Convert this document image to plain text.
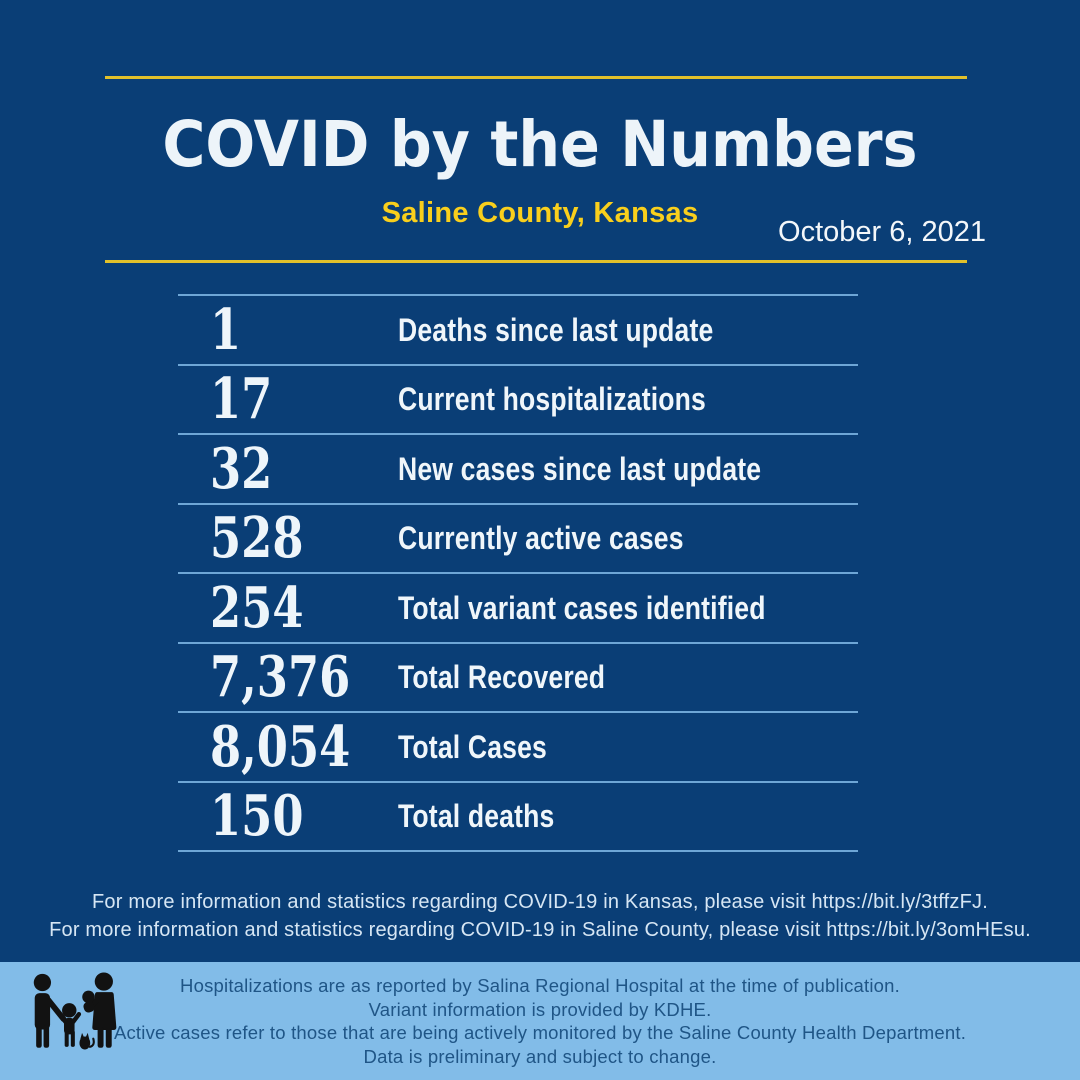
COVID by the Numbers
Saline County, Kansas
October 6, 2021
1	Deaths since last update
17	Current hospitalizations
32	New cases since last update
528	Currently active cases
254	Total variant cases identified
7,376	Total Recovered
8,054	Total Cases
150	Total deaths
For more information and statistics regarding COVID-19 in Kansas, please visit https://bit.ly/3tffzFJ.
For more information and statistics regarding COVID-19 in Saline County, please visit https://bit.ly/3omHEsu.
Hospitalizations are as reported by Salina Regional Hospital at the time of publication.
Variant information is provided by KDHE.
Active cases refer to those that are being actively monitored by the Saline County Health Department.
Data is preliminary and subject to change.
